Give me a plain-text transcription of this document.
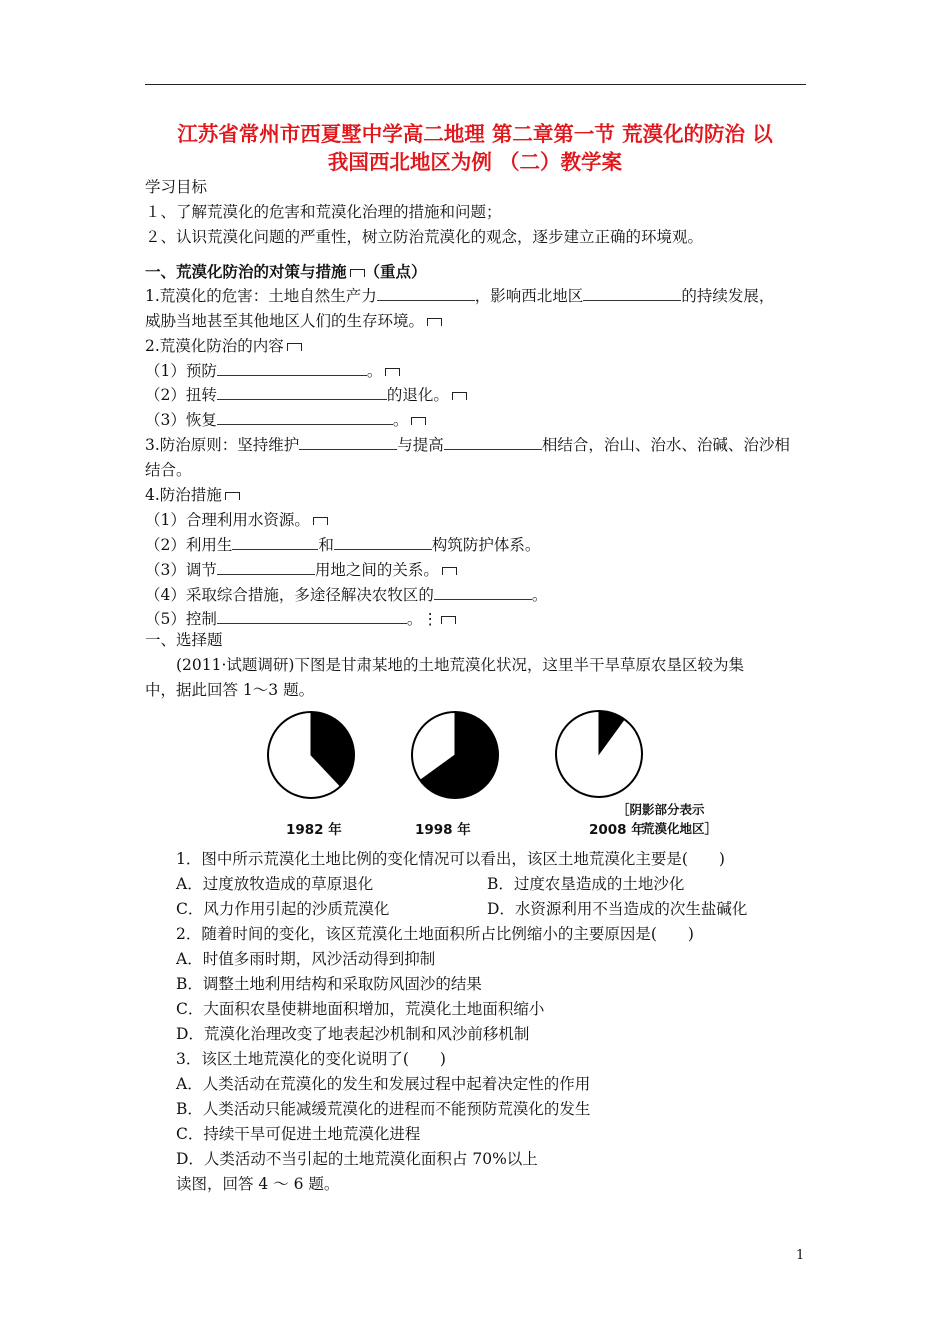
江苏省常州市西夏墅中学高二地理 第二章第一节 荒漠化的防治 以
我国西北地区为例 （二）教学案
学习目标
１、了解荒漠化的危害和荒漠化治理的措施和问题；
２、认识荒漠化问题的严重性，树立防治荒漠化的观念，逐步建立正确的环境观。
一、荒漠化防治的对策与措施 （重点）
1.荒漠化的危害：土地自然生产力	，影响西北地区	的持续发展，
威胁当地甚至其他地区人们的生存环境。
2.荒漠化防治的内容
（1）预防	。
（2）扭转	的退化。
（3）恢复	。
3.防治原则：坚持维护	与提高	相结合，治山、治水、治碱、治沙相
结合。
4.防治措施
（1）合理利用水资源。
（2）利用生	和	构筑防护体系。
（3）调节	用地之间的关系。
（4）采取综合措施，多途径解决农牧区的	。
（5）控制	。⋮
一、选择题
(2011·试题调研)下图是甘肃某地的土地荒漠化状况，这里半干旱草原农垦区较为集
中，据此回答 1～3 题。
1982 年	1998 年	2008 年
［阴影部分表示
荒漠化地区］
1．图中所示荒漠化土地比例的变化情况可以看出，该区土地荒漠化主要是(　　)
A．过度放牧造成的草原退化	B．过度农垦造成的土地沙化
C．风力作用引起的沙质荒漠化	D．水资源利用不当造成的次生盐碱化
2．随着时间的变化，该区荒漠化土地面积所占比例缩小的主要原因是(　　)
A．时值多雨时期，风沙活动得到抑制
B．调整土地利用结构和采取防风固沙的结果
C．大面积农垦使耕地面积增加，荒漠化土地面积缩小
D．荒漠化治理改变了地表起沙机制和风沙前移机制
3．该区土地荒漠化的变化说明了(　　)
A．人类活动在荒漠化的发生和发展过程中起着决定性的作用
B．人类活动只能减缓荒漠化的进程而不能预防荒漠化的发生
C．持续干旱可促进土地荒漠化进程
D．人类活动不当引起的土地荒漠化面积占 70%以上
读图，回答 4 ～ 6 题。
1
